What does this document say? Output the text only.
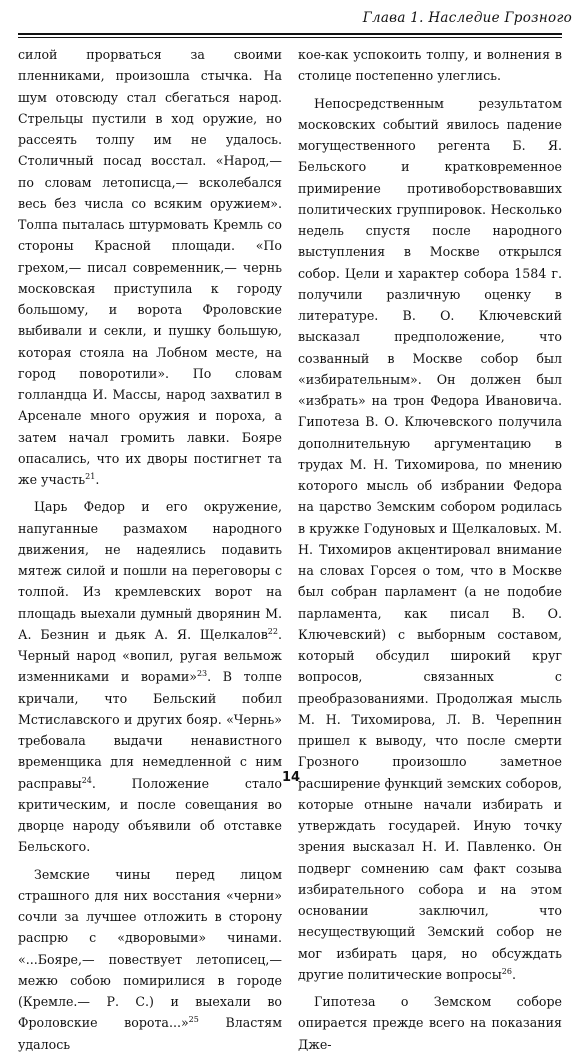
Глава 1. Наследие Грозного

силой прорваться за своими пленниками, произошла стычка. На шум отовсюду стал сбегаться народ. Стрельцы пустили в ход оружие, но рассеять толпу им не удалось. Столичный посад восстал. «Народ,— по словам летописца,— всколебался весь без числа со всяким оружием». Толпа пыталась штурмовать Кремль со стороны Красной площади. «По грехом,— писал современник,— чернь московская приступила к городу большому, и ворота Фроловские выбивали и секли, и пушку большую, которая стояла на Лобном месте, на город поворотили». По словам голландца И. Массы, народ захватил в Арсенале много оружия и пороха, а затем начал громить лавки. Бояре опасались, что их дворы постигнет та же участь$^{21}$.

Царь Федор и его окружение, напуганные размахом народного движения, не надеялись подавить мятеж силой и пошли на переговоры с толпой. Из кремлевских ворот на площадь выехали думный дворянин М. А. Безнин и дьяк А. Я. Щелкалов$^{22}$. Черный народ «вопил, ругая вельмож изменниками и ворами»$^{23}$. В толпе кричали, что Бельский побил Мстиславского и других бояр. «Чернь» требовала выдачи ненавистного временщика для немедленной с ним расправы$^{24}$. Положение стало критическим, и после совещания во дворце народу объявили об отставке Бельского.

Земские чины перед лицом страшного для них восстания «черни» сочли за лучшее отложить в сторону распрю с «дворовыми» чинами. «...Бояре,— повествует летописец,— межю собою помирилися в городе (Кремле.— Р. С.) и выехали во Фроловские ворота...»$^{25}$ Властям удалось

кое-как успокоить толпу, и волнения в столице постепенно улеглись.

Непосредственным результатом московских событий явилось падение могущественного регента Б. Я. Бельского и кратковременное примирение противоборствовавших политических группировок. Несколько недель спустя после народного выступления в Москве открылся собор. Цели и характер собора 1584 г. получили различную оценку в литературе. В. О. Ключевский высказал предположение, что созванный в Москве собор был «избирательным». Он должен был «избрать» на трон Федора Ивановича. Гипотеза В. О. Ключевского получила дополнительную аргументацию в трудах М. Н. Тихомирова, по мнению которого мысль об избрании Федора на царство Земским собором родилась в кружке Годуновых и Щелкаловых. М. Н. Тихомиров акцентировал внимание на словах Горсея о том, что в Москве был собран парламент (а не подобие парламента, как писал В. О. Ключевский) с выборным составом, который обсудил широкий круг вопросов, связанных с преобразованиями. Продолжая мысль М. Н. Тихомирова, Л. В. Черепнин пришел к выводу, что после смерти Грозного произошло заметное расширение функций земских соборов, которые отныне начали избирать и утверждать государей. Иную точку зрения высказал Н. И. Павленко. Он подверг сомнению сам факт созыва избирательного собора и на этом основании заключил, что несуществующий Земский собор не мог избирать царя, но обсуждать другие политические вопросы$^{26}$.

Гипотеза о Земском соборе опирается прежде всего на показания Дже-

14
